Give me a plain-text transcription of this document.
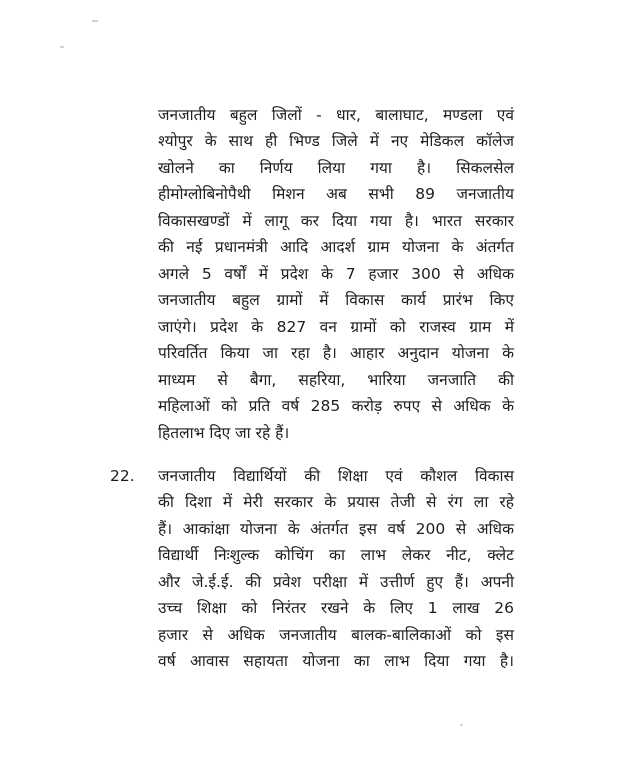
जनजातीय बहुल जिलों - धार, बालाघाट, मण्डला एवं
श्योपुर के साथ ही भिण्ड जिले में नए मेडिकल कॉलेज
खोलने का निर्णय लिया गया है। सिकलसेल
हीमोग्लोबिनोपैथी मिशन अब सभी 89 जनजातीय
विकासखण्डों में लागू कर दिया गया है। भारत सरकार
की नई प्रधानमंत्री आदि आदर्श ग्राम योजना के अंतर्गत
अगले 5 वर्षों में प्रदेश के 7 हजार 300 से अधिक
जनजातीय बहुल ग्रामों में विकास कार्य प्रारंभ किए
जाएंगे। प्रदेश के 827 वन ग्रामों को राजस्व ग्राम में
परिवर्तित किया जा रहा है। आहार अनुदान योजना के
माध्यम से बैगा, सहरिया, भारिया जनजाति की
महिलाओं को प्रति वर्ष 285 करोड़ रुपए से अधिक के
हितलाभ दिए जा रहे हैं।
22. जनजातीय विद्यार्थियों की शिक्षा एवं कौशल विकास
की दिशा में मेरी सरकार के प्रयास तेजी से रंग ला रहे
हैं। आकांक्षा योजना के अंतर्गत इस वर्ष 200 से अधिक
विद्यार्थी निःशुल्क कोचिंग का लाभ लेकर नीट, क्लेट
और जे.ई.ई. की प्रवेश परीक्षा में उत्तीर्ण हुए हैं। अपनी
उच्च शिक्षा को निरंतर रखने के लिए 1 लाख 26
हजार से अधिक जनजातीय बालक-बालिकाओं को इस
वर्ष आवास सहायता योजना का लाभ दिया गया है।
